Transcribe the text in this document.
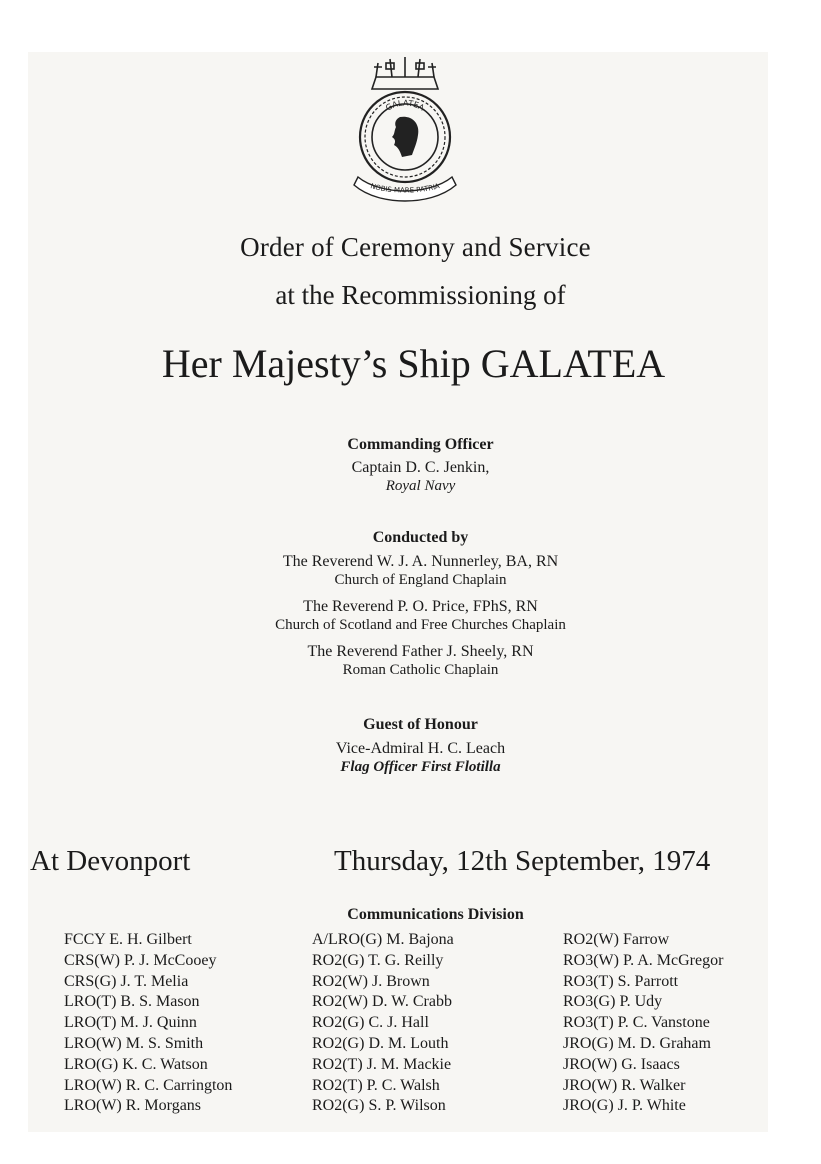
GALATEA
NOBIS MARE PATRIA
Order of Ceremony and Service
at the Recommissioning of
Her Majesty’s Ship GALATEA
Commanding Officer
Captain D. C. Jenkin,
Royal Navy
Conducted by
The Reverend W. J. A. Nunnerley, BA, RN
Church of England Chaplain
The Reverend P. O. Price, FPhS, RN
Church of Scotland and Free Churches Chaplain
The Reverend Father J. Sheely, RN
Roman Catholic Chaplain
Guest of Honour
Vice-Admiral H. C. Leach
Flag Officer First Flotilla
At Devonport	Thursday, 12th September, 1974
Communications Division
FCCY E. H. Gilbert
CRS(W) P. J. McCooey
CRS(G) J. T. Melia
LRO(T) B. S. Mason
LRO(T) M. J. Quinn
LRO(W) M. S. Smith
LRO(G) K. C. Watson
LRO(W) R. C. Carrington
LRO(W) R. Morgans
A/LRO(G) M. Bajona
RO2(G) T. G. Reilly
RO2(W) J. Brown
RO2(W) D. W. Crabb
RO2(G) C. J. Hall
RO2(G) D. M. Louth
RO2(T) J. M. Mackie
RO2(T) P. C. Walsh
RO2(G) S. P. Wilson
RO2(W) Farrow
RO3(W) P. A. McGregor
RO3(T) S. Parrott
RO3(G) P. Udy
RO3(T) P. C. Vanstone
JRO(G) M. D. Graham
JRO(W) G. Isaacs
JRO(W) R. Walker
JRO(G) J. P. White
